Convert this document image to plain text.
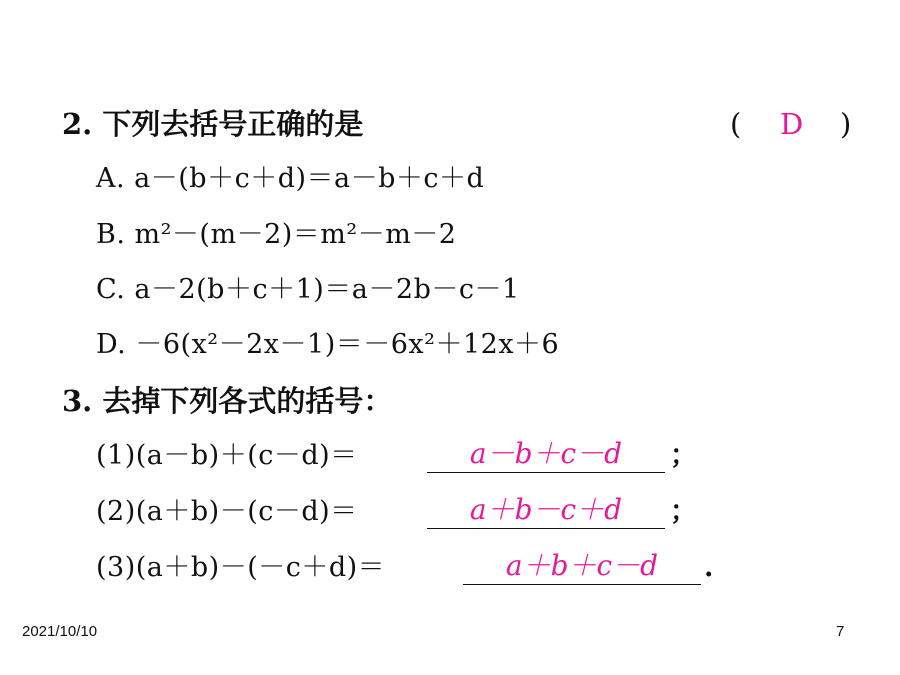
2. 下列去括号正确的是	( D )
A. a－(b＋c＋d)＝a－b＋c＋d
B. m²－(m－2)＝m²－m－2
C. a－2(b＋c＋1)＝a－2b－c－1
D. －6(x²－2x－1)＝－6x²＋12x＋6
3. 去掉下列各式的括号：
(1)(a－b)＋(c－d)＝	a－b＋c－d	；
(2)(a＋b)－(c－d)＝	a＋b－c＋d	；
(3)(a＋b)－(－c＋d)＝	a＋b＋c－d	.
2021/10/10	7
